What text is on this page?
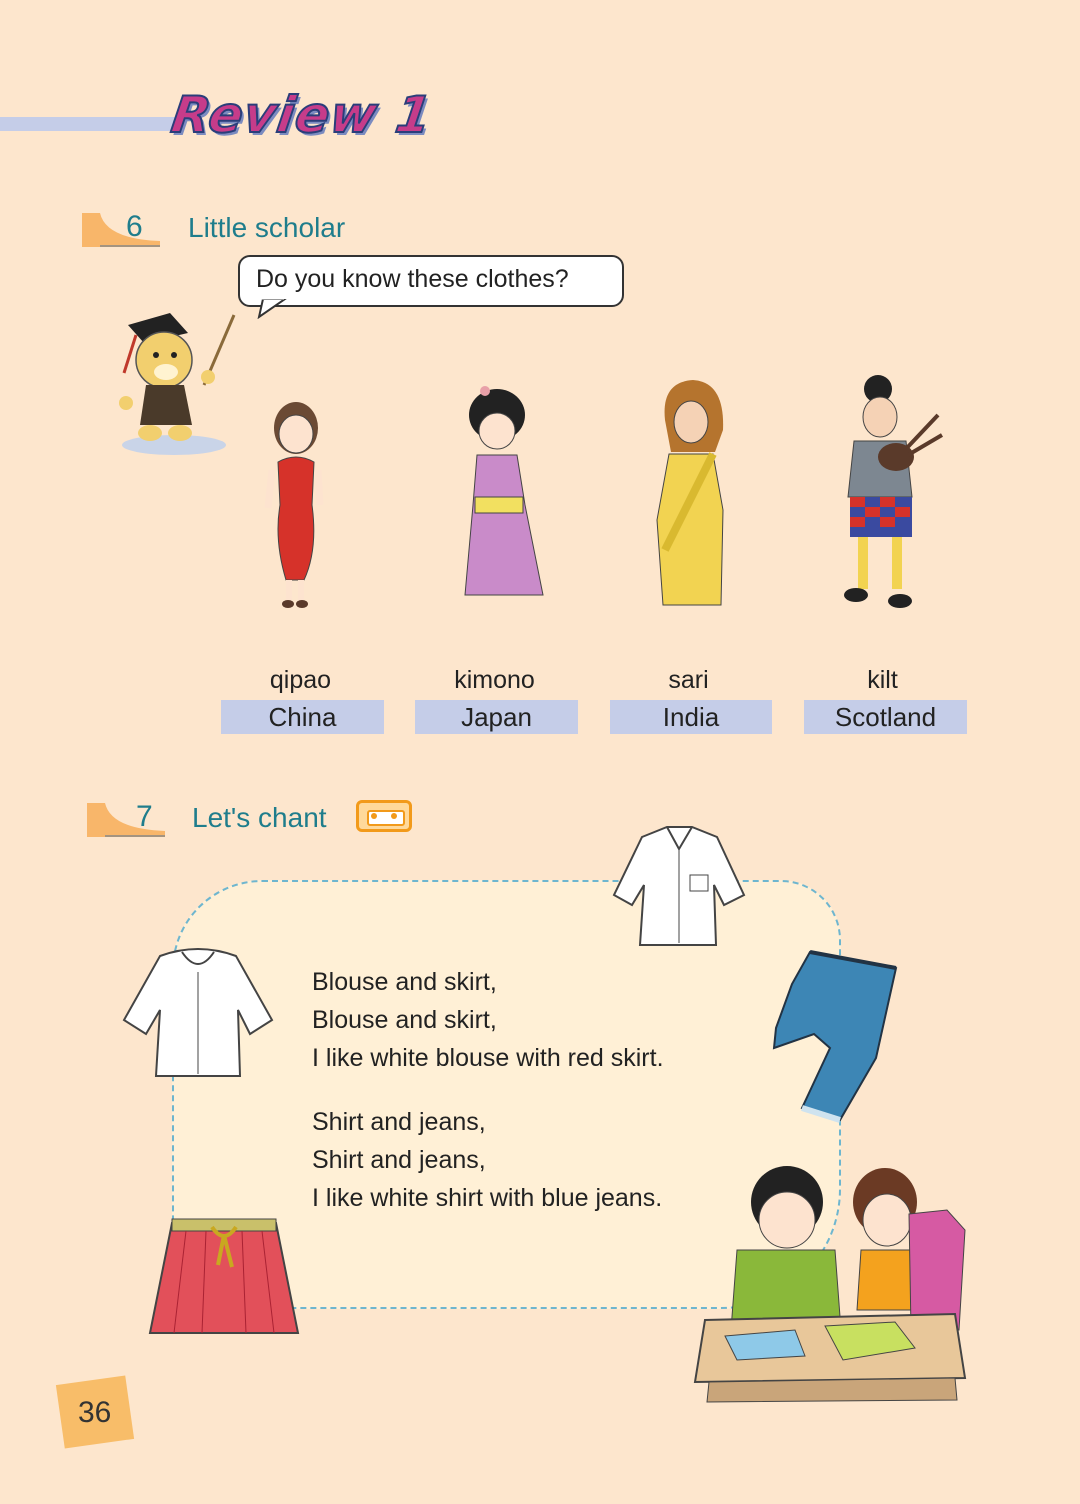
Review 1
6 Little scholar
Do you know these clothes?
qipao
China
kimono
Japan
sari
India
kilt
Scotland
7 Let's chant
Blouse and skirt,
Blouse and skirt,
I like white blouse with red skirt.
Shirt and jeans,
Shirt and jeans,
I like white shirt with blue jeans.
36
